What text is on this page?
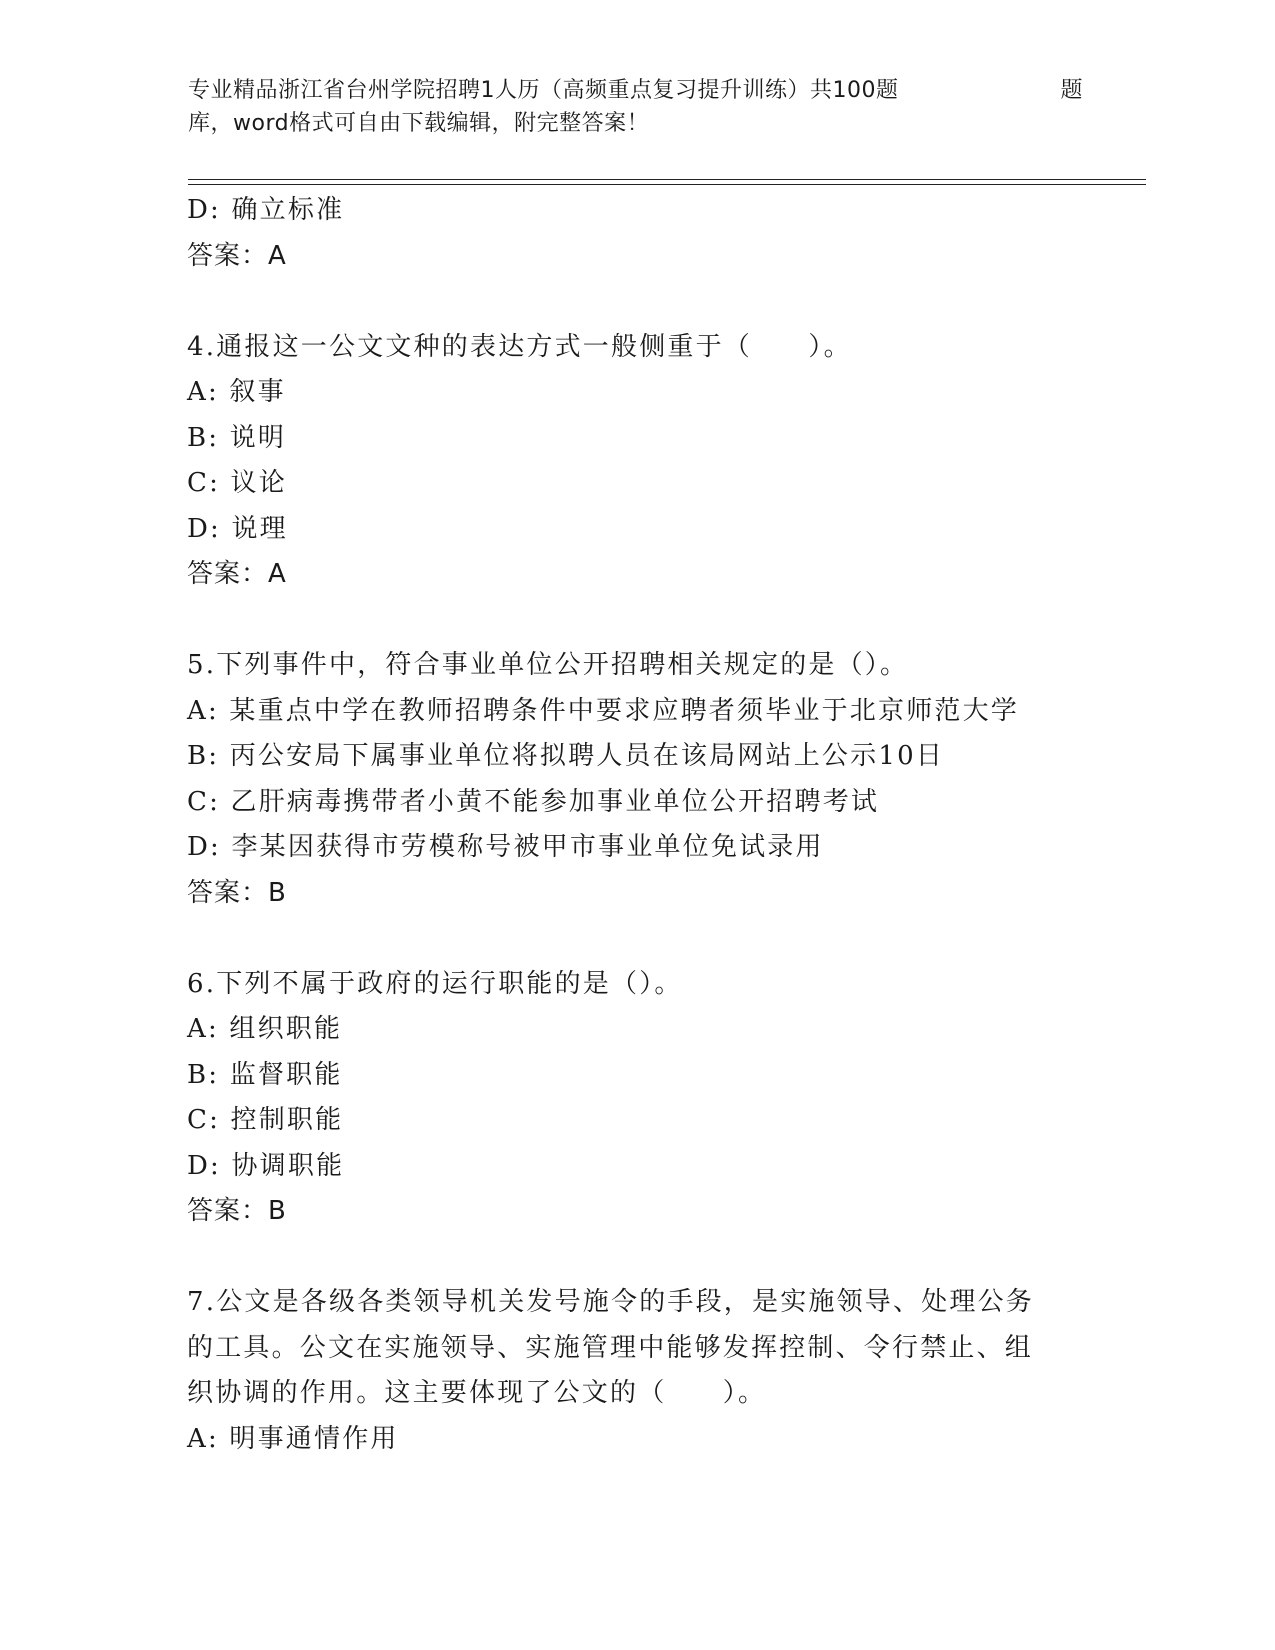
专业精品浙江省台州学院招聘1人历（高频重点复习提升训练）共100题	题
库，word格式可自由下载编辑，附完整答案！
D: 确立标准
答案：A
4.通报这一公文文种的表达方式一般侧重于（　　）。
A: 叙事
B: 说明
C: 议论
D: 说理
答案：A
5.下列事件中，符合事业单位公开招聘相关规定的是（）。
A: 某重点中学在教师招聘条件中要求应聘者须毕业于北京师范大学
B: 丙公安局下属事业单位将拟聘人员在该局网站上公示10日
C: 乙肝病毒携带者小黄不能参加事业单位公开招聘考试
D: 李某因获得市劳模称号被甲市事业单位免试录用
答案：B
6.下列不属于政府的运行职能的是（）。
A: 组织职能
B: 监督职能
C: 控制职能
D: 协调职能
答案：B
7.公文是各级各类领导机关发号施令的手段，是实施领导、处理公务
的工具。公文在实施领导、实施管理中能够发挥控制、令行禁止、组
织协调的作用。这主要体现了公文的（　　）。
A: 明事通情作用
